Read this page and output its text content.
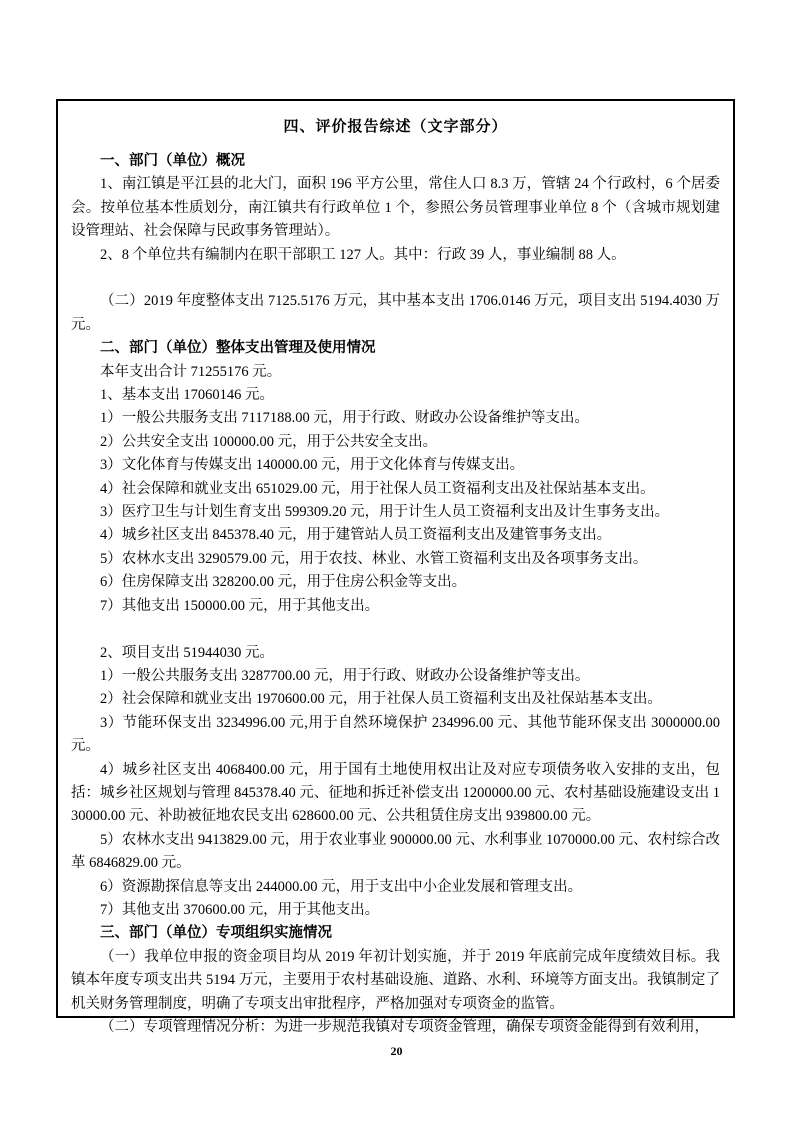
四、评价报告综述（文字部分）

一、部门（单位）概况

1、南江镇是平江县的北大门，面积 196 平方公里，常住人口 8.3 万，管辖 24 个行政村，6 个居委会。按单位基本性质划分，南江镇共有行政单位 1 个，参照公务员管理事业单位 8 个（含城市规划建设管理站、社会保障与民政事务管理站）。

2、8 个单位共有编制内在职干部职工 127 人。其中：行政 39 人，事业编制 88 人。

（二）2019 年度整体支出 7125.5176 万元，其中基本支出 1706.0146 万元，项目支出 5194.4030 万元。

二、部门（单位）整体支出管理及使用情况

本年支出合计 71255176 元。

1、基本支出 17060146 元。

1）一般公共服务支出 7117188.00 元，用于行政、财政办公设备维护等支出。

2）公共安全支出 100000.00 元，用于公共安全支出。

3）文化体育与传媒支出 140000.00 元，用于文化体育与传媒支出。

4）社会保障和就业支出 651029.00 元，用于社保人员工资福利支出及社保站基本支出。

3）医疗卫生与计划生育支出 599309.20 元，用于计生人员工资福利支出及计生事务支出。

4）城乡社区支出 845378.40 元，用于建管站人员工资福利支出及建管事务支出。

5）农林水支出 3290579.00 元，用于农技、林业、水管工资福利支出及各项事务支出。

6）住房保障支出 328200.00 元，用于住房公积金等支出。

7）其他支出 150000.00 元，用于其他支出。

2、项目支出 51944030 元。

1）一般公共服务支出 3287700.00 元，用于行政、财政办公设备维护等支出。

2）社会保障和就业支出 1970600.00 元，用于社保人员工资福利支出及社保站基本支出。

3）节能环保支出 3234996.00 元,用于自然环境保护 234996.00 元、其他节能环保支出 3000000.00 元。

4）城乡社区支出 4068400.00 元，用于国有土地使用权出让及对应专项债务收入安排的支出，包括：城乡社区规划与管理 845378.40 元、征地和拆迁补偿支出 1200000.00 元、农村基础设施建设支出 130000.00 元、补助被征地农民支出 628600.00 元、公共租赁住房支出 939800.00 元。

5）农林水支出 9413829.00 元，用于农业事业 900000.00 元、水利事业 1070000.00 元、农村综合改革 6846829.00 元。

6）资源勘探信息等支出 244000.00 元，用于支出中小企业发展和管理支出。

7）其他支出 370600.00 元，用于其他支出。

三、部门（单位）专项组织实施情况

（一）我单位申报的资金项目均从 2019 年初计划实施，并于 2019 年底前完成年度绩效目标。我镇本年度专项支出共 5194 万元，主要用于农村基础设施、道路、水利、环境等方面支出。我镇制定了机关财务管理制度，明确了专项支出审批程序，严格加强对专项资金的监管。

（二）专项管理情况分析：为进一步规范我镇对专项资金管理，确保专项资金能得到有效利用，

20
